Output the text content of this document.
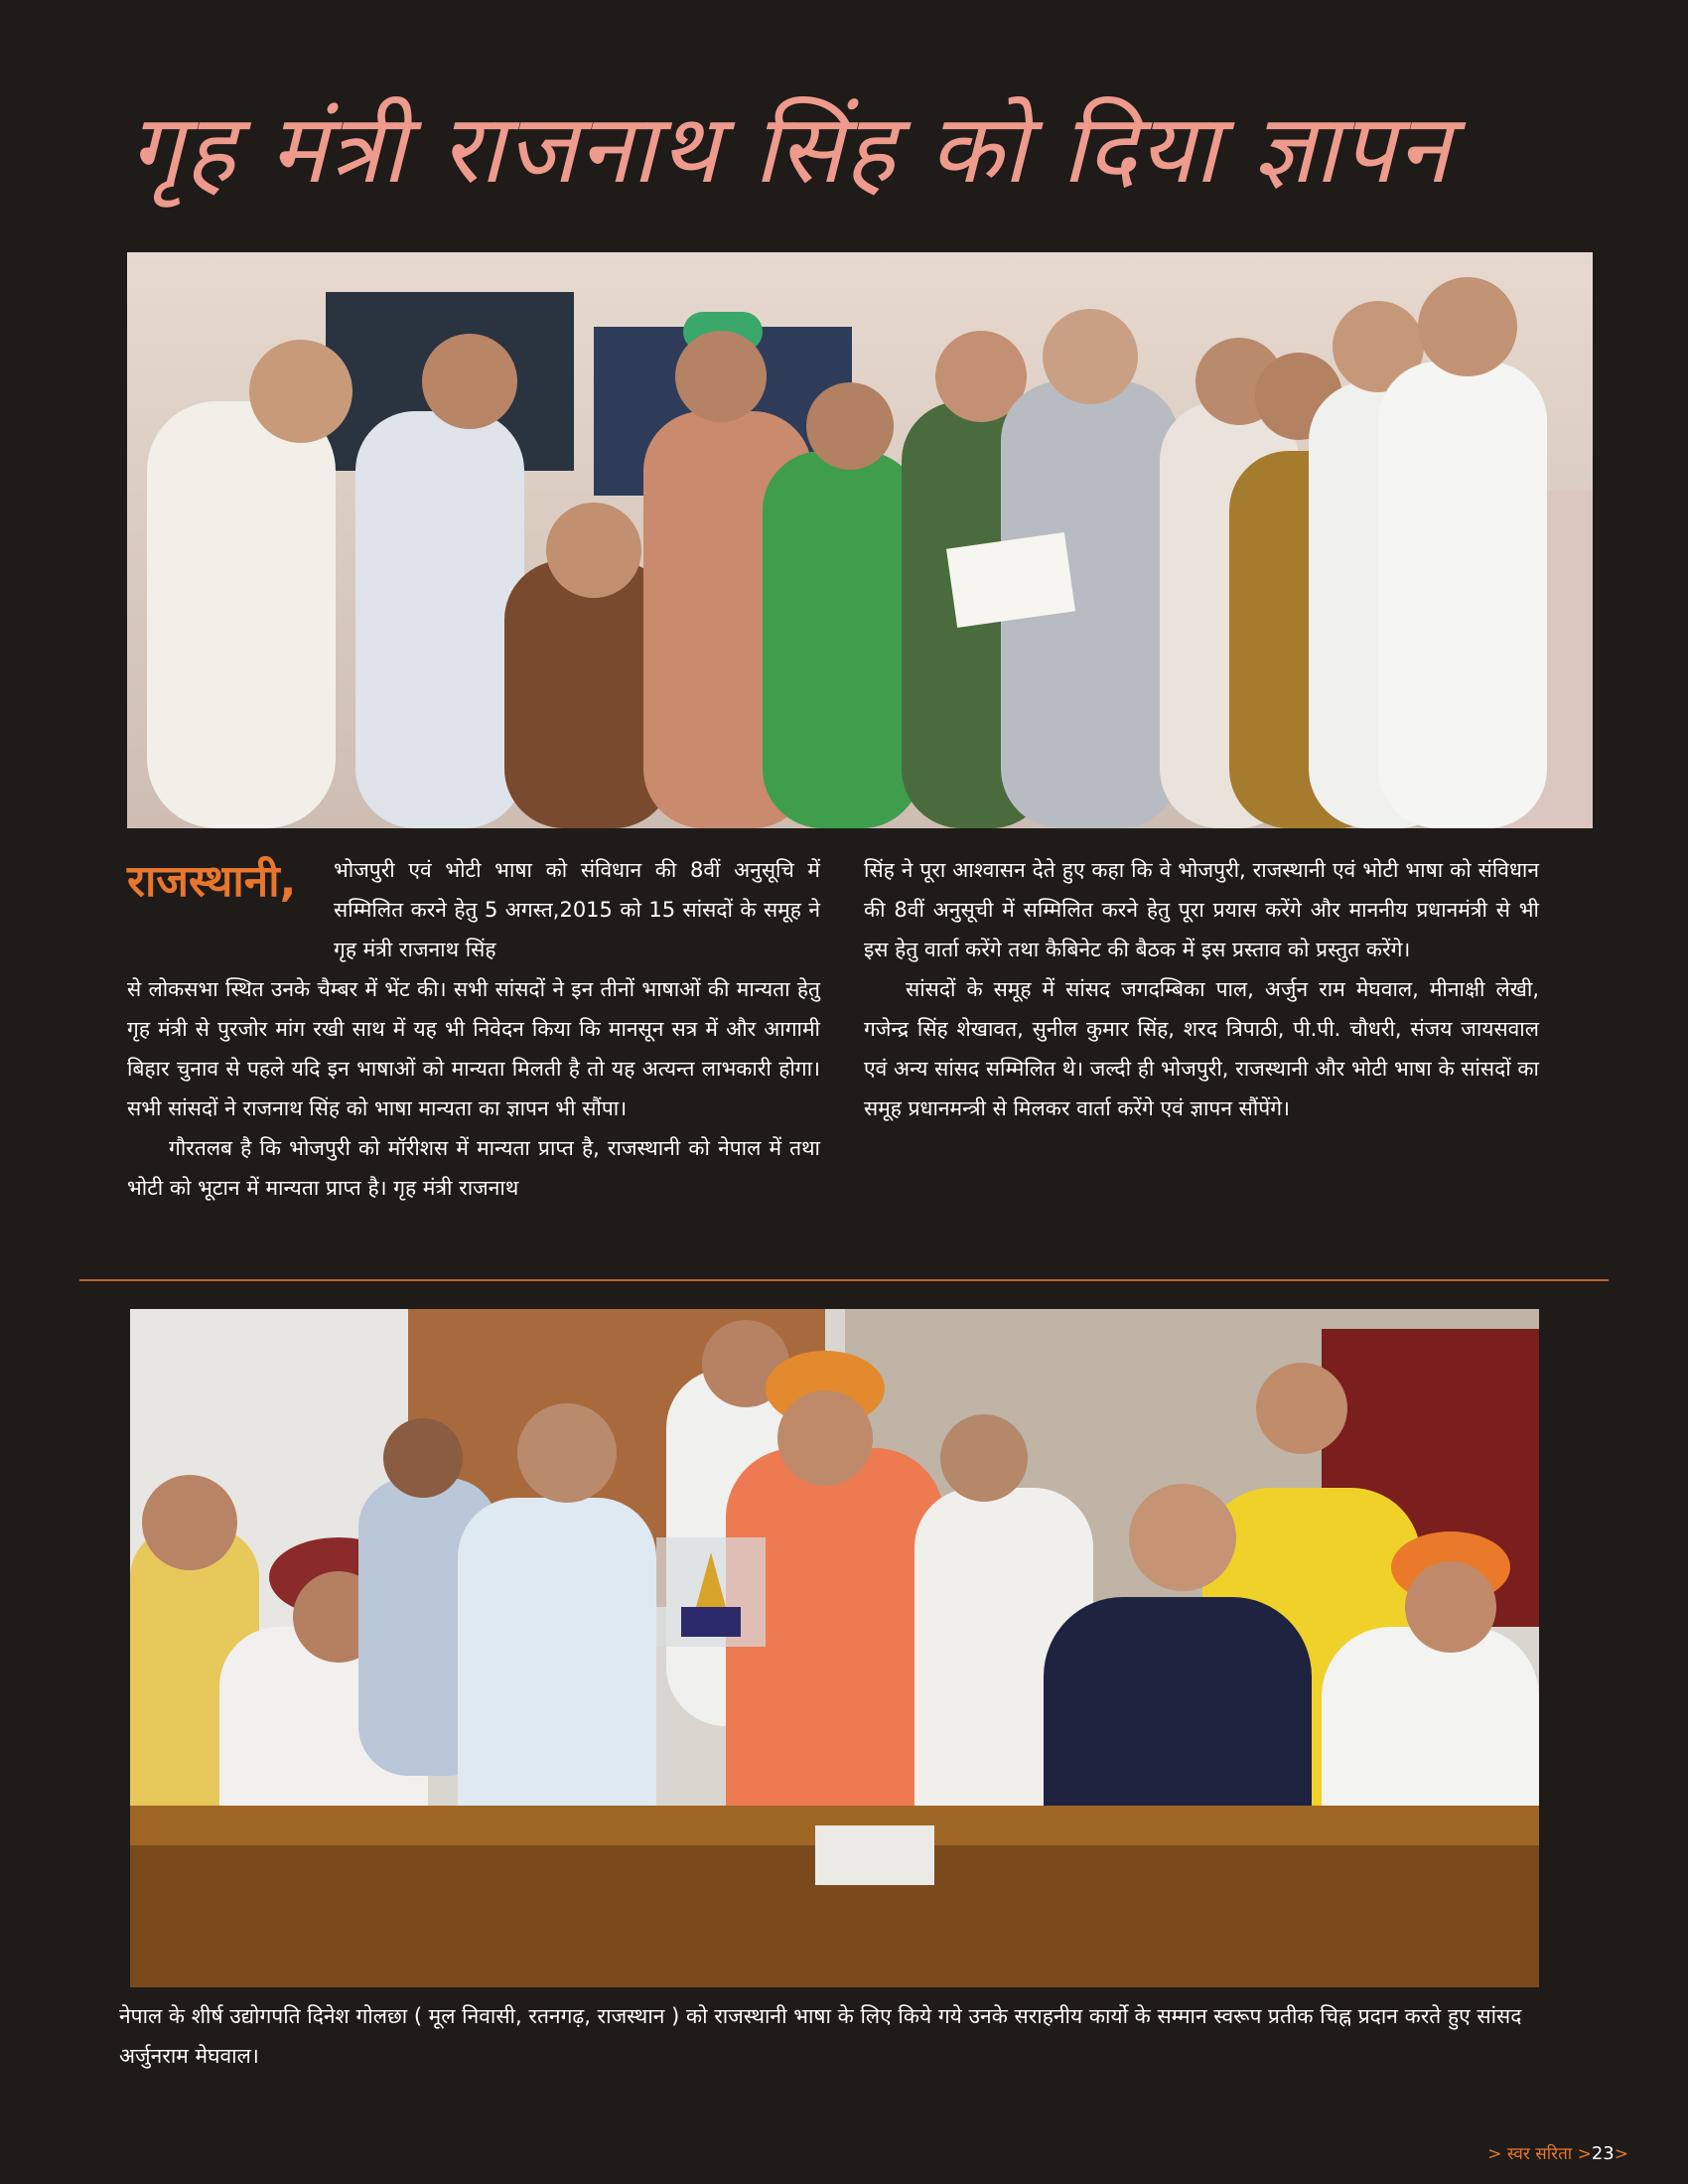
गृह मंत्री राजनाथ सिंह को दिया ज्ञापन
राजस्थानी,	भोजपुरी एवं भोटी भाषा को संविधान की 8वीं अनुसूचि में सम्मिलित करने हेतु 5 अगस्त,2015 को 15 सांसदों के समूह ने गृह मंत्री राजनाथ सिंह

से लोकसभा स्थित उनके चैम्बर में भेंट की। सभी सांसदों ने इन तीनों भाषाओं की मान्यता हेतु गृह मंत्री से पुरजोर मांग रखी साथ में यह भी निवेदन किया कि मानसून सत्र में और आगामी बिहार चुनाव से पहले यदि इन भाषाओं को मान्यता मिलती है तो यह अत्यन्त लाभकारी होगा। सभी सांसदों ने राजनाथ सिंह को भाषा मान्यता का ज्ञापन भी सौंपा।

गौरतलब है कि भोजपुरी को मॉरीशस में मान्यता प्राप्त है, राजस्थानी को नेपाल में तथा भोटी को भूटान में मान्यता प्राप्त है। गृह मंत्री राजनाथ

सिंह ने पूरा आश्वासन देते हुए कहा कि वे भोजपुरी, राजस्थानी एवं भोटी भाषा को संविधान की 8वीं अनुसूची में सम्मिलित करने हेतु पूरा प्रयास करेंगे और माननीय प्रधानमंत्री से भी इस हेतु वार्ता करेंगे तथा कैबिनेट की बैठक में इस प्रस्ताव को प्रस्तुत करेंगे।

सांसदों के समूह में सांसद जगदम्बिका पाल, अर्जुन राम मेघवाल, मीनाक्षी लेखी, गजेन्द्र सिंह शेखावत, सुनील कुमार सिंह, शरद त्रिपाठी, पी.पी. चौधरी, संजय जायसवाल एवं अन्य सांसद सम्मिलित थे। जल्दी ही भोजपुरी, राजस्थानी और भोटी भाषा के सांसदों का समूह प्रधानमन्त्री से मिलकर वार्ता करेंगे एवं ज्ञापन सौंपेंगे।

नेपाल के शीर्ष उद्योगपति दिनेश गोलछा ( मूल निवासी, रतनगढ़, राजस्थान ) को राजस्थानी भाषा के लिए किये गये उनके सराहनीय कार्यो के सम्मान स्वरूप प्रतीक चिह्न प्रदान करते हुए सांसद अर्जुनराम मेघवाल।
> स्वर सरिता >23>
